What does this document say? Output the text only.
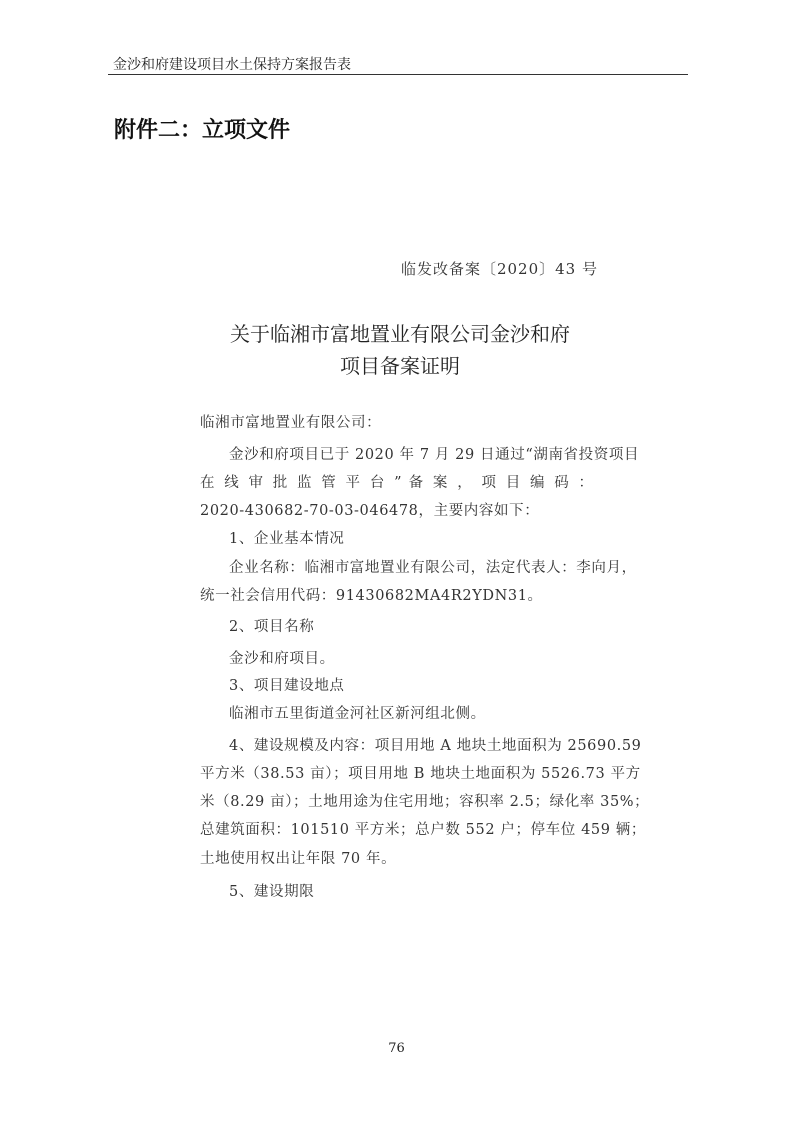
金沙和府建设项目水土保持方案报告表
附件二：立项文件
临发改备案〔2020〕43 号
关于临湘市富地置业有限公司金沙和府
项目备案证明
临湘市富地置业有限公司：
金沙和府项目已于 2020 年 7 月 29 日通过“湖南省投资项目
在 线 审 批 监 管 平 台 ” 备 案 ， 项 目 编 码 ：
2020-430682-70-03-046478，主要内容如下：
1、企业基本情况
企业名称：临湘市富地置业有限公司，法定代表人：李向月，
统一社会信用代码：91430682MA4R2YDN31。
2、项目名称
金沙和府项目。
3、项目建设地点
临湘市五里街道金河社区新河组北侧。
4、建设规模及内容：项目用地 A 地块土地面积为 25690.59
平方米（38.53 亩）；项目用地 B 地块土地面积为 5526.73 平方
米（8.29 亩）；土地用途为住宅用地；容积率 2.5；绿化率 35%；
总建筑面积：101510 平方米；总户数 552 户；停车位 459 辆；
土地使用权出让年限 70 年。
5、建设期限
76
